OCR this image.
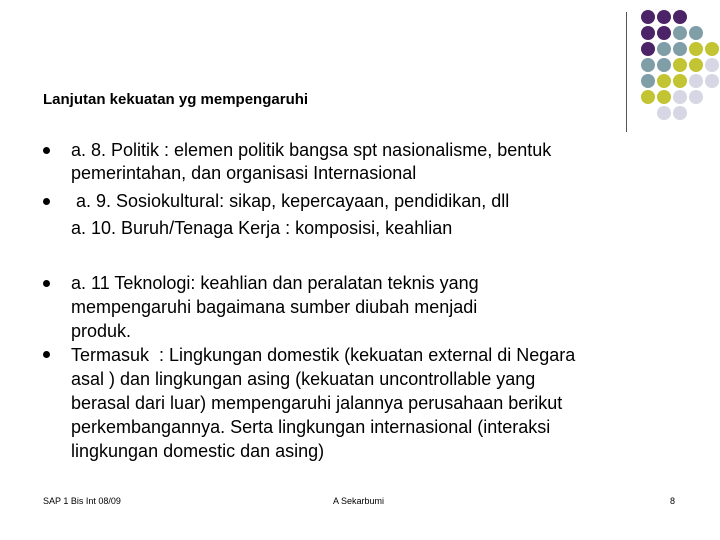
Lanjutan kekuatan yg mempengaruhi
a. 8. Politik : elemen politik bangsa spt nasionalisme, bentuk
pemerintahan, dan organisasi Internasional
a. 9. Sosiokultural: sikap, kepercayaan, pendidikan, dll
a. 10. Buruh/Tenaga Kerja : komposisi, keahlian
a. 11 Teknologi: keahlian dan peralatan teknis yang
mempengaruhi bagaimana sumber diubah menjadi
produk.
Termasuk  : Lingkungan domestik (kekuatan external di Negara
asal ) dan lingkungan asing (kekuatan uncontrollable yang
berasal dari luar) mempengaruhi jalannya perusahaan berikut
perkembangannya. Serta lingkungan internasional (interaksi
lingkungan domestic dan asing)
SAP 1 Bis Int 08/09	A Sekarbumi	8
